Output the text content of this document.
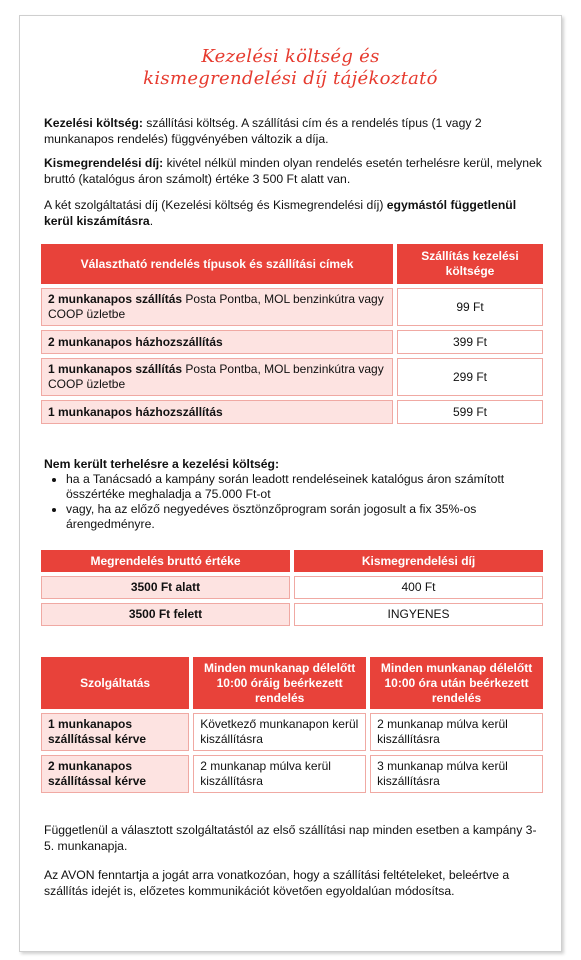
Kezelési költség és
kismegrendelési díj tájékoztató
Kezelési költség: szállítási költség. A szállítási cím és a rendelés típus (1 vagy 2 munkanapos rendelés) függvényében változik a díja.
Kismegrendelési díj: kivétel nélkül minden olyan rendelés esetén terhelésre kerül, melynek bruttó (katalógus áron számolt) értéke 3 500 Ft alatt van.
A két szolgáltatási díj (Kezelési költség és Kismegrendelési díj) egymástól függetlenül kerül kiszámításra.
Választható rendelés típusok és szállítási címek	Szállítás kezelési költsége
2 munkanapos szállítás Posta Pontba, MOL benzinkútra vagy COOP üzletbe	99 Ft
2 munkanapos házhozszállítás	399 Ft
1 munkanapos szállítás Posta Pontba, MOL benzinkútra vagy COOP üzletbe	299 Ft
1 munkanapos házhozszállítás	599 Ft
Nem került terhelésre a kezelési költség:
• ha a Tanácsadó a kampány során leadott rendeléseinek katalógus áron számított összértéke meghaladja a 75.000 Ft-ot
• vagy, ha az előző negyedéves ösztönzőprogram során jogosult a fix 35%-os árengedményre.
Megrendelés bruttó értéke	Kismegrendelési díj
3500 Ft alatt	400 Ft
3500 Ft felett	INGYENES
Szolgáltatás	Minden munkanap délelőtt 10:00 óráig beérkezett rendelés	Minden munkanap délelőtt 10:00 óra után beérkezett rendelés
1 munkanapos szállítással kérve	Következő munkanapon kerül kiszállításra	2 munkanap múlva kerül kiszállításra
2 munkanapos szállítással kérve	2 munkanap múlva kerül kiszállításra	3 munkanap múlva kerül kiszállításra
Függetlenül a választott szolgáltatástól az első szállítási nap minden esetben a kampány 3-5. munkanapja.
Az AVON fenntartja a jogát arra vonatkozóan, hogy a szállítási feltételeket, beleértve a szállítás idejét is, előzetes kommunikációt követően egyoldalúan módosítsa.
